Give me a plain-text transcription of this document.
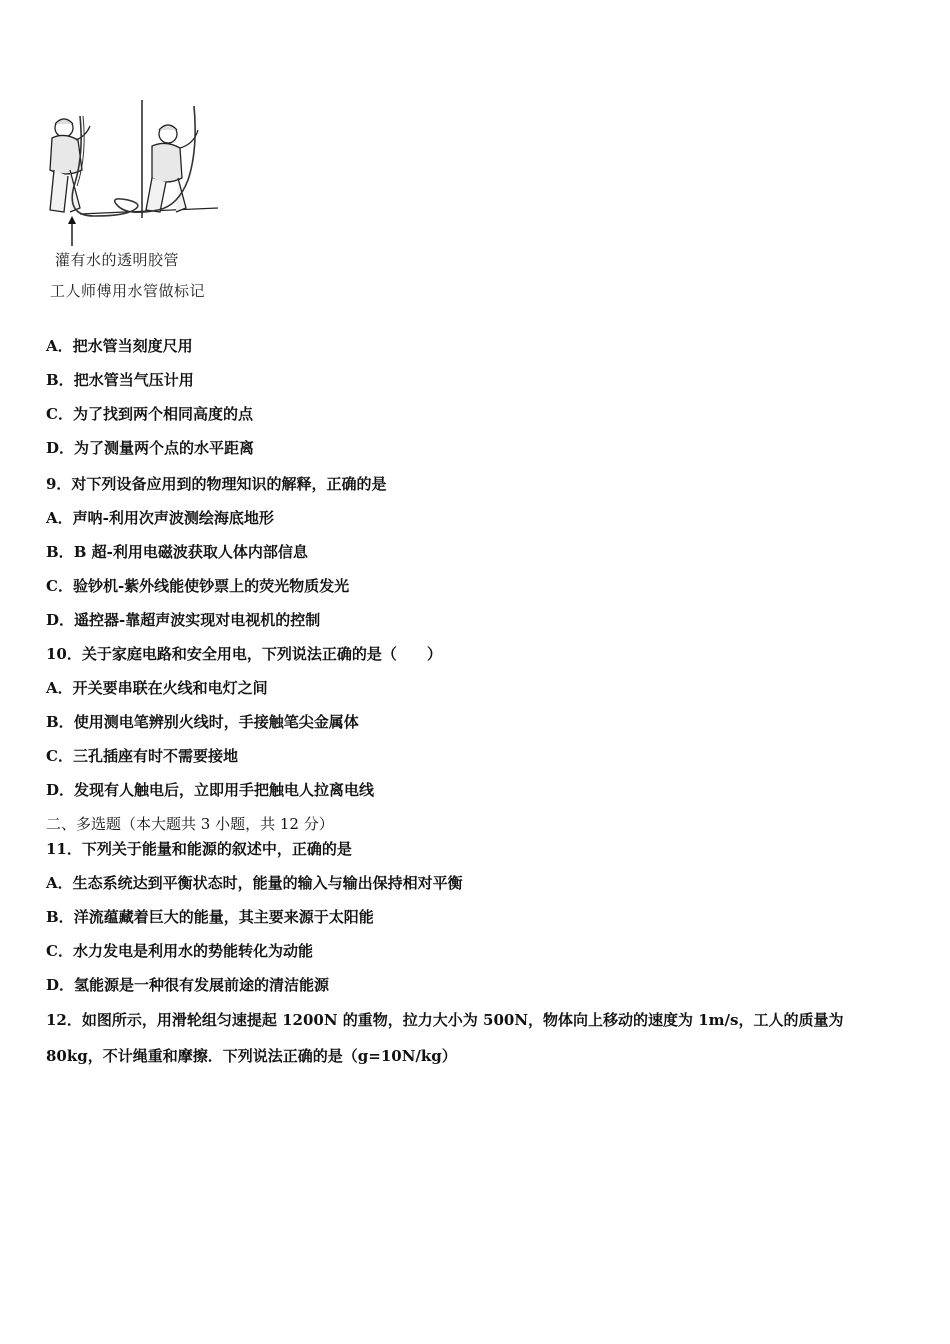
灌有水的透明胶管
工人师傅用水管做标记
A．把水管当刻度尺用
B．把水管当气压计用
C．为了找到两个相同高度的点
D．为了测量两个点的水平距离
9．对下列设备应用到的物理知识的解释，正确的是
A．声呐-利用次声波测绘海底地形
B．B 超-利用电磁波获取人体内部信息
C．验钞机-紫外线能使钞票上的荧光物质发光
D．遥控器-靠超声波实现对电视机的控制
10．关于家庭电路和安全用电，下列说法正确的是（　　）
A．开关要串联在火线和电灯之间
B．使用测电笔辨别火线时，手接触笔尖金属体
C．三孔插座有时不需要接地
D．发现有人触电后，立即用手把触电人拉离电线
二、多选题（本大题共 3 小题，共 12 分）
11．下列关于能量和能源的叙述中，正确的是
A．生态系统达到平衡状态时，能量的输入与输出保持相对平衡
B．洋流蕴藏着巨大的能量，其主要来源于太阳能
C．水力发电是利用水的势能转化为动能
D．氢能源是一种很有发展前途的清洁能源
12．如图所示，用滑轮组匀速提起 1200N 的重物，拉力大小为 500N，物体向上移动的速度为 1m/s，工人的质量为
80kg，不计绳重和摩擦．下列说法正确的是（g=10N/kg）
